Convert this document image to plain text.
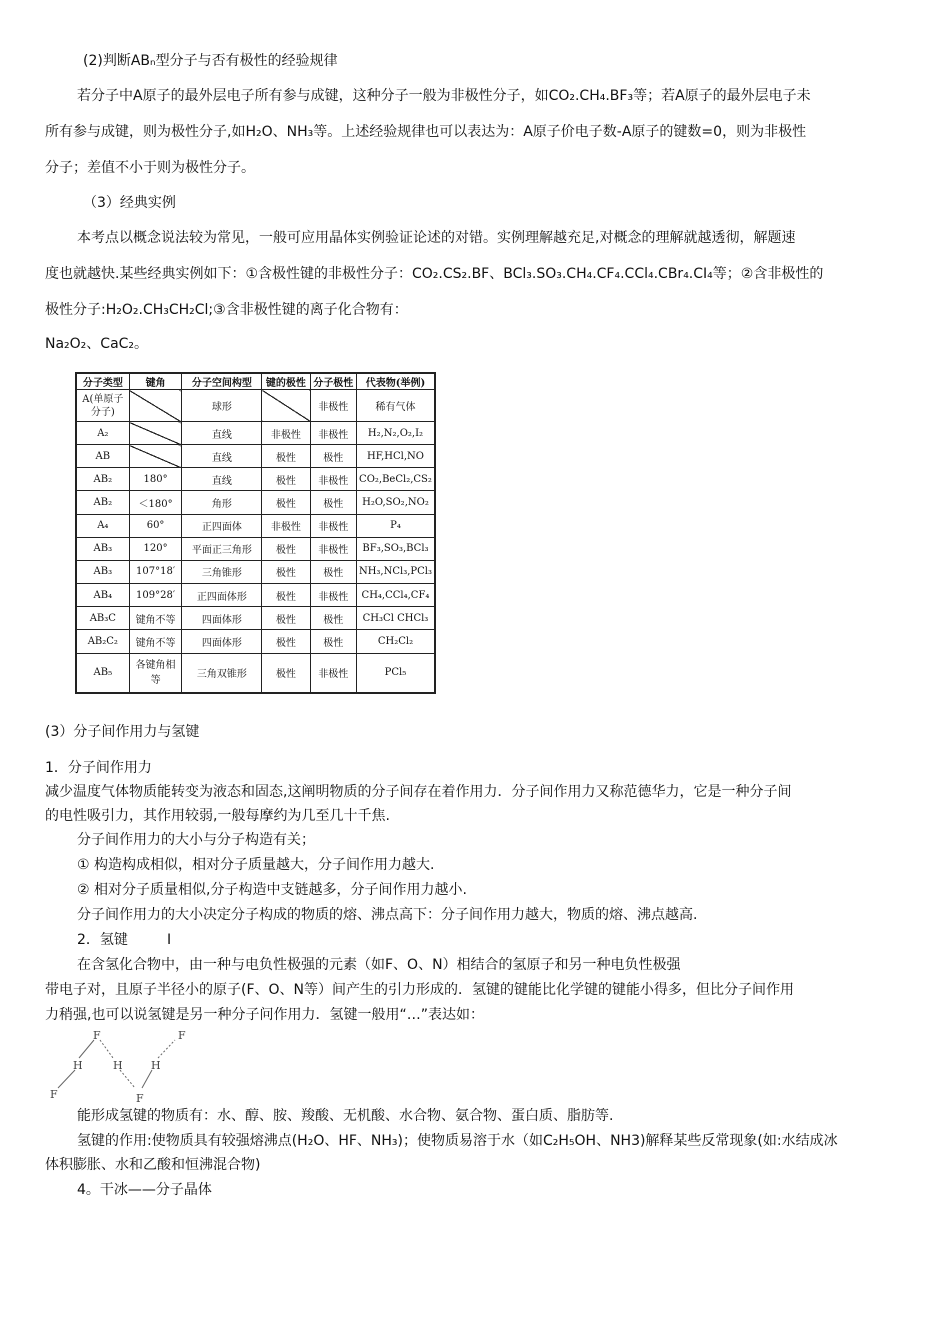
(2)判断ABₙ型分子与否有极性的经验规律
若分子中A原子的最外层电子所有参与成键，这种分子一般为非极性分子，如CO₂.CH₄.BF₃等；若A原子的最外层电子未
所有参与成键，则为极性分子,如H₂O、NH₃等。上述经验规律也可以表达为：A原子价电子数-A原子的键数=0，则为非极性
分子；差值不小于则为极性分子。
（3）经典实例
本考点以概念说法较为常见，一般可应用晶体实例验证论述的对错。实例理解越充足,对概念的理解就越透彻，解题速
度也就越快.某些经典实例如下：①含极性键的非极性分子：CO₂.CS₂.BF、BCl₃.SO₃.CH₄.CF₄.CCl₄.CBr₄.CI₄等；②含非极性的
极性分子:H₂O₂.CH₃CH₂Cl;③含非极性键的离子化合物有：
Na₂O₂、CaC₂。
分子类型	键角	分子空间构型	键的极性	分子极性	代表物(举例)
A(单原子分子)		球形		非极性	稀有气体
A₂		直线	非极性	非极性	H₂,N₂,O₂,I₂
AB		直线	极性	极性	HF,HCl,NO
AB₂	180°	直线	极性	非极性	CO₂,BeCl₂,CS₂
AB₂	＜180°	角形	极性	极性	H₂O,SO₂,NO₂
A₄	60°	正四面体	非极性	非极性	P₄
AB₃	120°	平面正三角形	极性	非极性	BF₃,SO₃,BCl₃
AB₃	107°18′	三角锥形	极性	极性	NH₃,NCl₃,PCl₃
AB₄	109°28′	正四面体形	极性	非极性	CH₄,CCl₄,CF₄
AB₃C	键角不等	四面体形	极性	极性	CH₃Cl CHCl₃
AB₂C₂	键角不等	四面体形	极性	极性	CH₂Cl₂
AB₅	各键角相等	三角双锥形	极性	非极性	PCl₅
(3）分子间作用力与氢键
1．分子间作用力
减少温度气体物质能转变为液态和固态,这阐明物质的分子间存在着作用力．分子间作用力又称范德华力，它是一种分子间
的电性吸引力，其作用较弱,一般每摩约为几至几十千焦.
分子间作用力的大小与分子构造有关；
① 构造构成相似，相对分子质量越大，分子间作用力越大.
② 相对分子质量相似,分子构造中支链越多，分子间作用力越小.
分子间作用力的大小决定分子构成的物质的熔、沸点高下：分子间作用力越大，物质的熔、沸点越高.
2．氢键	I
在含氢化合物中，由一种与电负性极强的元素（如F、O、N）相结合的氢原子和另一种电负性极强
带电子对，且原子半径小的原子(F、O、N等）间产生的引力形成的．氢键的键能比化学键的键能小得多，但比分子间作用
力稍强,也可以说氢键是另一种分子问作用力．氢键一般用“…”表达如：
F
H	H
F
H
F	F
能形成氢键的物质有：水、醇、胺、羧酸、无机酸、水合物、氨合物、蛋白质、脂肪等.
氢键的作用:使物质具有较强熔沸点(H₂O、HF、NH₃)；使物质易溶于水（如C₂H₅OH、NH3)解释某些反常现象(如:水结成冰
体积膨胀、水和乙酸和恒沸混合物)
4。干冰——分子晶体
